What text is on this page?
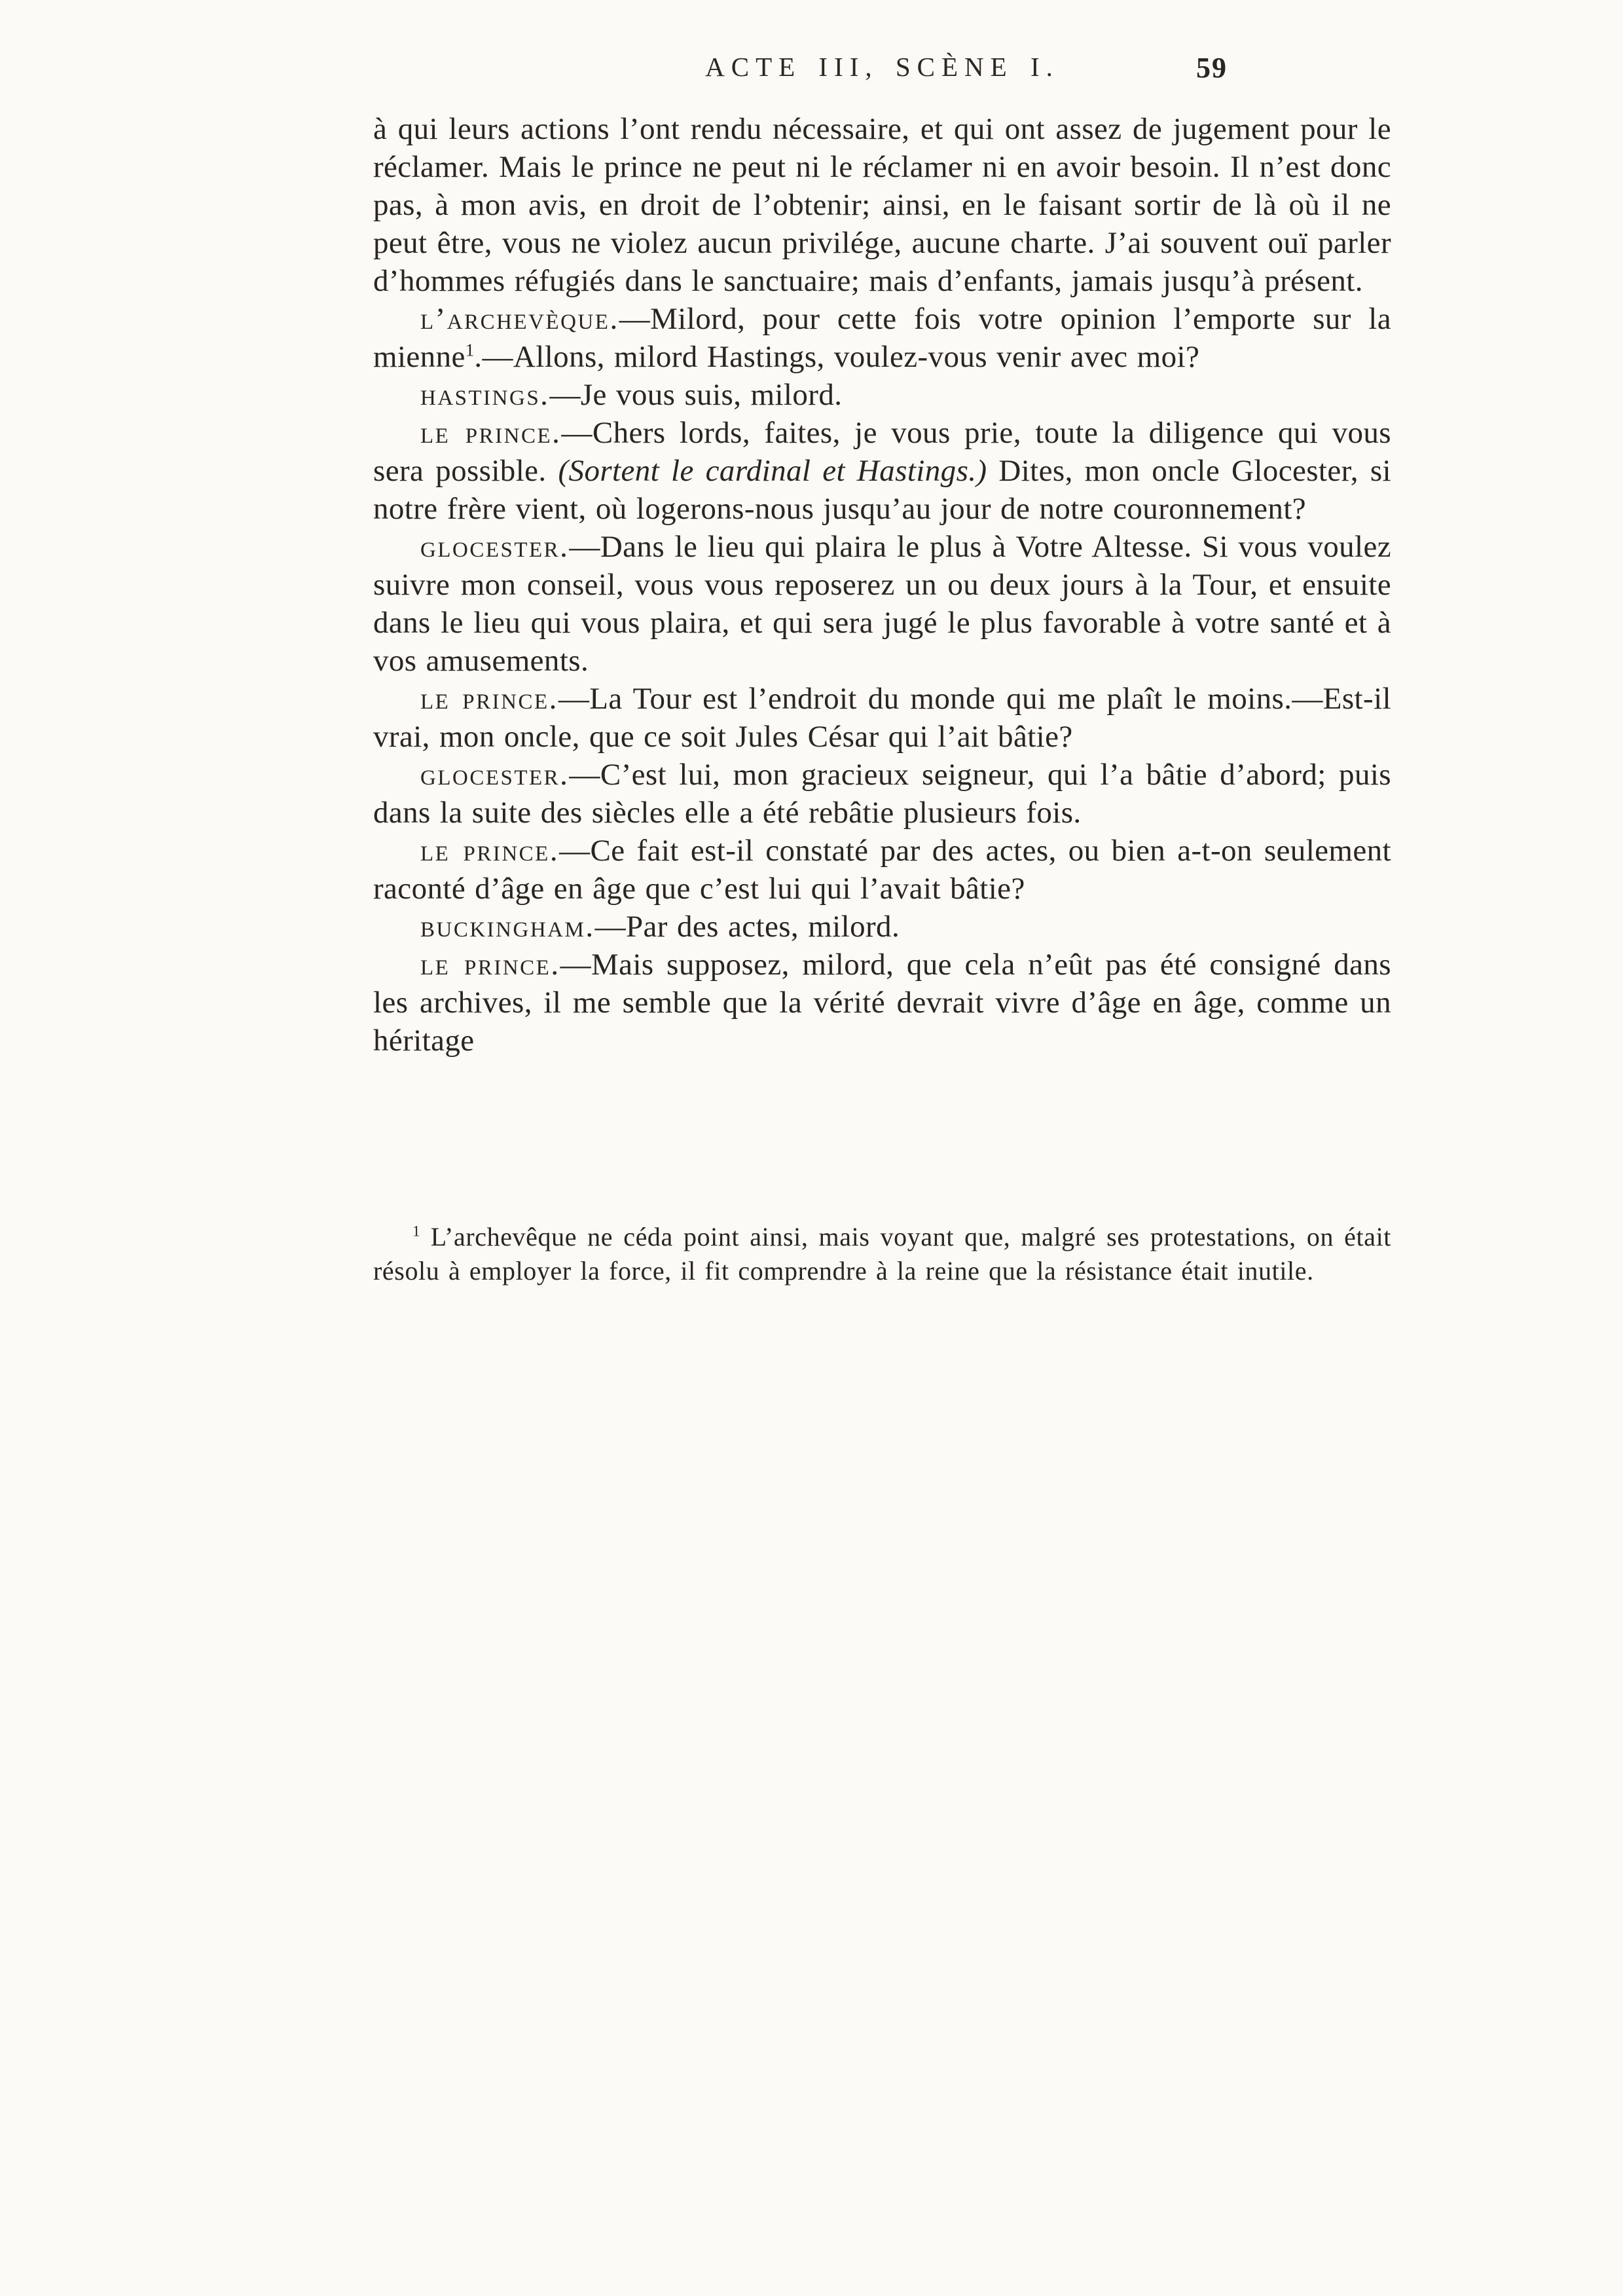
ACTE III, SCÈNE I.	59

à qui leurs actions l’ont rendu nécessaire, et qui ont assez de jugement pour le réclamer. Mais le prince ne peut ni le réclamer ni en avoir besoin. Il n’est donc pas, à mon avis, en droit de l’obtenir; ainsi, en le faisant sortir de là où il ne peut être, vous ne violez aucun privilége, aucune charte. J’ai souvent ouï parler d’hommes réfugiés dans le sanctuaire; mais d’enfants, jamais jusqu’à présent.

l’archevèque.—Milord, pour cette fois votre opinion l’emporte sur la mienne$^1$.—Allons, milord Hastings, voulez-vous venir avec moi?

hastings.—Je vous suis, milord.

le prince.—Chers lords, faites, je vous prie, toute la diligence qui vous sera possible. (Sortent le cardinal et Hastings.) Dites, mon oncle Glocester, si notre frère vient, où logerons-nous jusqu’au jour de notre couronnement?

glocester.—Dans le lieu qui plaira le plus à Votre Altesse. Si vous voulez suivre mon conseil, vous vous reposerez un ou deux jours à la Tour, et ensuite dans le lieu qui vous plaira, et qui sera jugé le plus favorable à votre santé et à vos amusements.

le prince.—La Tour est l’endroit du monde qui me plaît le moins.—Est-il vrai, mon oncle, que ce soit Jules César qui l’ait bâtie?

glocester.—C’est lui, mon gracieux seigneur, qui l’a bâtie d’abord; puis dans la suite des siècles elle a été rebâtie plusieurs fois.

le prince.—Ce fait est-il constaté par des actes, ou bien a-t-on seulement raconté d’âge en âge que c’est lui qui l’avait bâtie?

buckingham.—Par des actes, milord.

le prince.—Mais supposez, milord, que cela n’eût pas été consigné dans les archives, il me semble que la vérité devrait vivre d’âge en âge, comme un héritage

$^1$ L’archevêque ne céda point ainsi, mais voyant que, malgré ses protestations, on était résolu à employer la force, il fit comprendre à la reine que la résistance était inutile.
